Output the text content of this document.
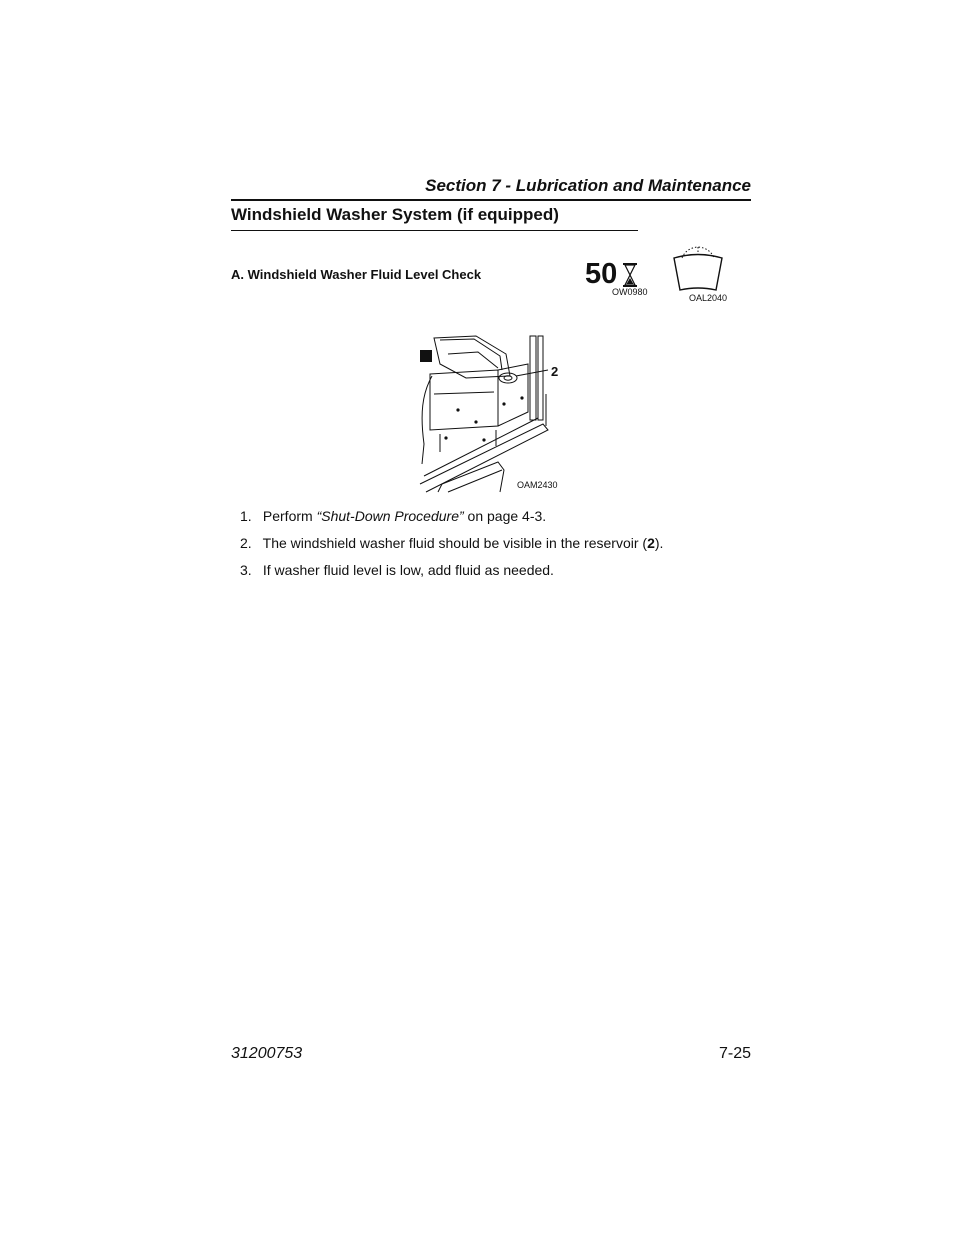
Section 7 - Lubrication and Maintenance
Windshield Washer System (if equipped)
A. Windshield Washer Fluid Level Check	50
OW0980
OAL2040
2
OAM2430
1. Perform “Shut-Down Procedure” on page 4-3.
2. The windshield washer fluid should be visible in the reservoir (2).
3. If washer fluid level is low, add fluid as needed.
31200753	7-25
